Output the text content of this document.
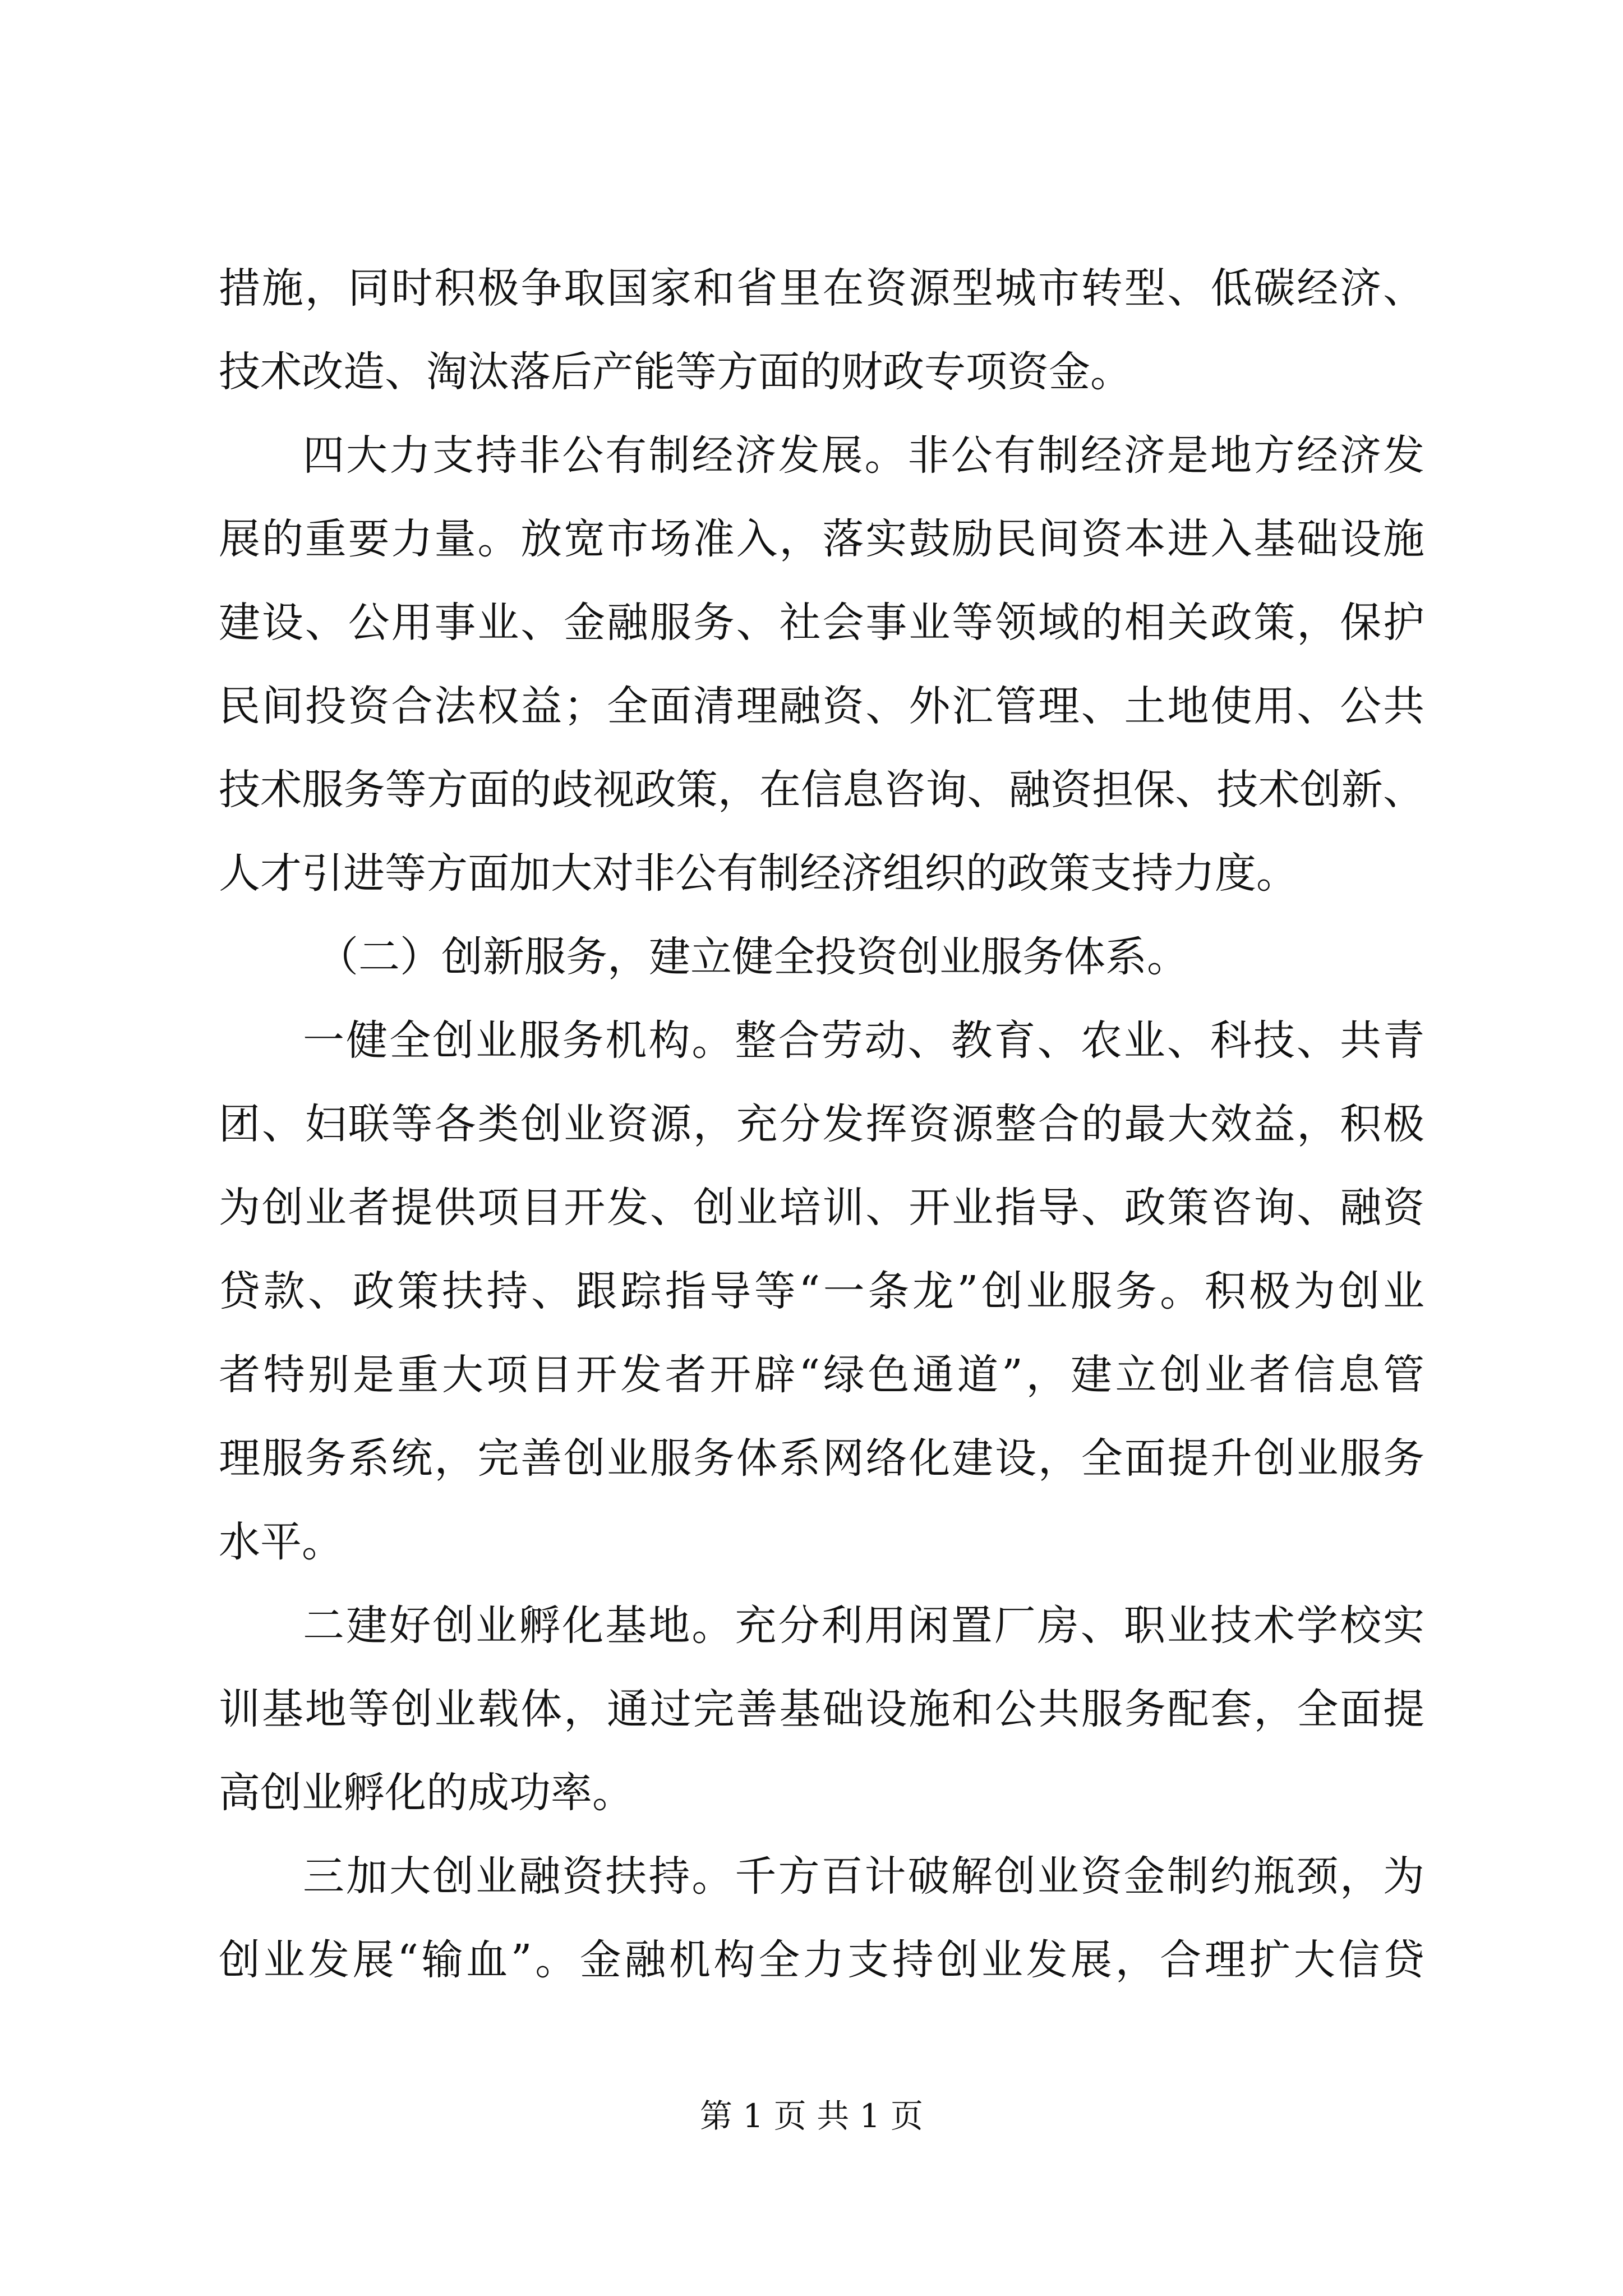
措施，同时积极争取国家和省里在资源型城市转型、低碳经济、
技术改造、淘汰落后产能等方面的财政专项资金。
四大力支持非公有制经济发展。非公有制经济是地方经济发
展的重要力量。放宽市场准入，落实鼓励民间资本进入基础设施
建设、公用事业、金融服务、社会事业等领域的相关政策，保护
民间投资合法权益；全面清理融资、外汇管理、土地使用、公共
技术服务等方面的歧视政策，在信息咨询、融资担保、技术创新、
人才引进等方面加大对非公有制经济组织的政策支持力度。
（二）创新服务，建立健全投资创业服务体系。
一健全创业服务机构。整合劳动、教育、农业、科技、共青
团、妇联等各类创业资源，充分发挥资源整合的最大效益，积极
为创业者提供项目开发、创业培训、开业指导、政策咨询、融资
贷款、政策扶持、跟踪指导等“一条龙”创业服务。积极为创业
者特别是重大项目开发者开辟“绿色通道”，建立创业者信息管
理服务系统，完善创业服务体系网络化建设，全面提升创业服务
水平。
二建好创业孵化基地。充分利用闲置厂房、职业技术学校实
训基地等创业载体，通过完善基础设施和公共服务配套，全面提
高创业孵化的成功率。
三加大创业融资扶持。千方百计破解创业资金制约瓶颈，为
创业发展“输血”。金融机构全力支持创业发展，合理扩大信贷
第 1 页 共 1 页
